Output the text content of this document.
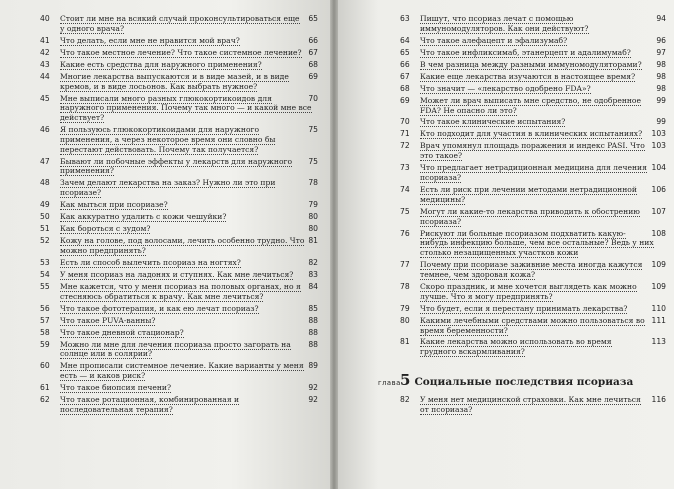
40	65
Стоит ли мне на всякий случай проконсультироваться еще у одного врача?
41	66
Что делать, если мне не нравится мой врач?
42	67
Что такое местное лечение? Что такое системное лечение?
43	68
Какие есть средства для наружного применения?
44	69
Многие лекарства выпускаются и в виде мазей, и в виде кремов, и в виде лосьонов. Как выбрать нужное?
45	70
Мне выписали много разных глюкокортикоидов для наружного применения. Почему так много — и какой мне все действует?
46	75
Я пользуюсь глюкокортикоидами для наружного применения, а через некоторое время они словно бы перестают действовать. Почему так получается?
47	75
Бывают ли побочные эффекты у лекарств для наружного применения?
48	78
Зачем делают лекарства на заказ? Нужно ли это при псориазе?
49	79
Как мыться при псориазе?
50	80
Как аккуратно удалить с кожи чешуйки?
51	80
Как бороться с зудом?
52	81
Кожу на голове, под волосами, лечить особенно трудно. Что можно предпринять?
53	82
Есть ли способ вылечить псориаз на ногтях?
54	83
У меня псориаз на ладонях и ступнях. Как мне лечиться?
55	84
Мне кажется, что у меня псориаз на половых органах, но я стесняюсь обратиться к врачу. Как мне лечиться?
56	85
Что такое фототерапия, и как ею лечат псориаз?
57	88
Что такое PUVA-ванны?
58	88
Что такое дневной стационар?
59	88
Можно ли мне для лечения псориаза просто загорать на солнце или в солярии?
60	89
Мне прописали системное лечение. Какие варианты у меня есть — и каков риск?
61	92
Что такое биопсия печени?
62	92
Что такое ротационная, комбинированная и последовательная терапия?
63	94
Пишут, что псориаз лечат с помощью иммуномодуляторов. Как они действуют?
64	96
Что такое алефацепт и эфализумаб?
65	97
Что такое инфликсимаб, этанерцепт и адалимумаб?
66	98
В чем разница между разными иммуномодуляторами?
67	98
Какие еще лекарства изучаются в настоящее время?
68	98
Что значит — «лекарство одобрено FDA»?
69	99
Может ли врач выписать мне средство, не одобренное FDA? Не опасно ли это?
70	99
Что такое клинические испытания?
71	103
Кто подходит для участия в клинических испытаниях?
72	103
Врач упомянул площадь поражения и индекс PASI. Что это такое?
73	104
Что предлагает нетрадиционная медицина для лечения псориаза?
74	106
Есть ли риск при лечении методами нетрадиционной медицины?
75	107
Могут ли какие-то лекарства приводить к обострению псориаза?
76	108
Рискуют ли больные псориазом подхватить какую-нибудь инфекцию больше, чем все остальные? Ведь у них столько незащищенных участков кожи
77	109
Почему при псориазе заживние места иногда кажутся темнее, чем здоровая кожа?
78	109
Скоро праздник, и мне хочется выглядеть как можно лучше. Что я могу предпринять?
79	110
Что будет, если я перестану принимать лекарства?
80	111
Какими лечебными средствами можно пользоваться во время беременности?
81	113
Какие лекарства можно использовать во время грудного вскармливания?
глава 5 Социальные последствия псориаза
82	116
У меня нет медицинской страховки. Как мне лечиться от псориаза?
